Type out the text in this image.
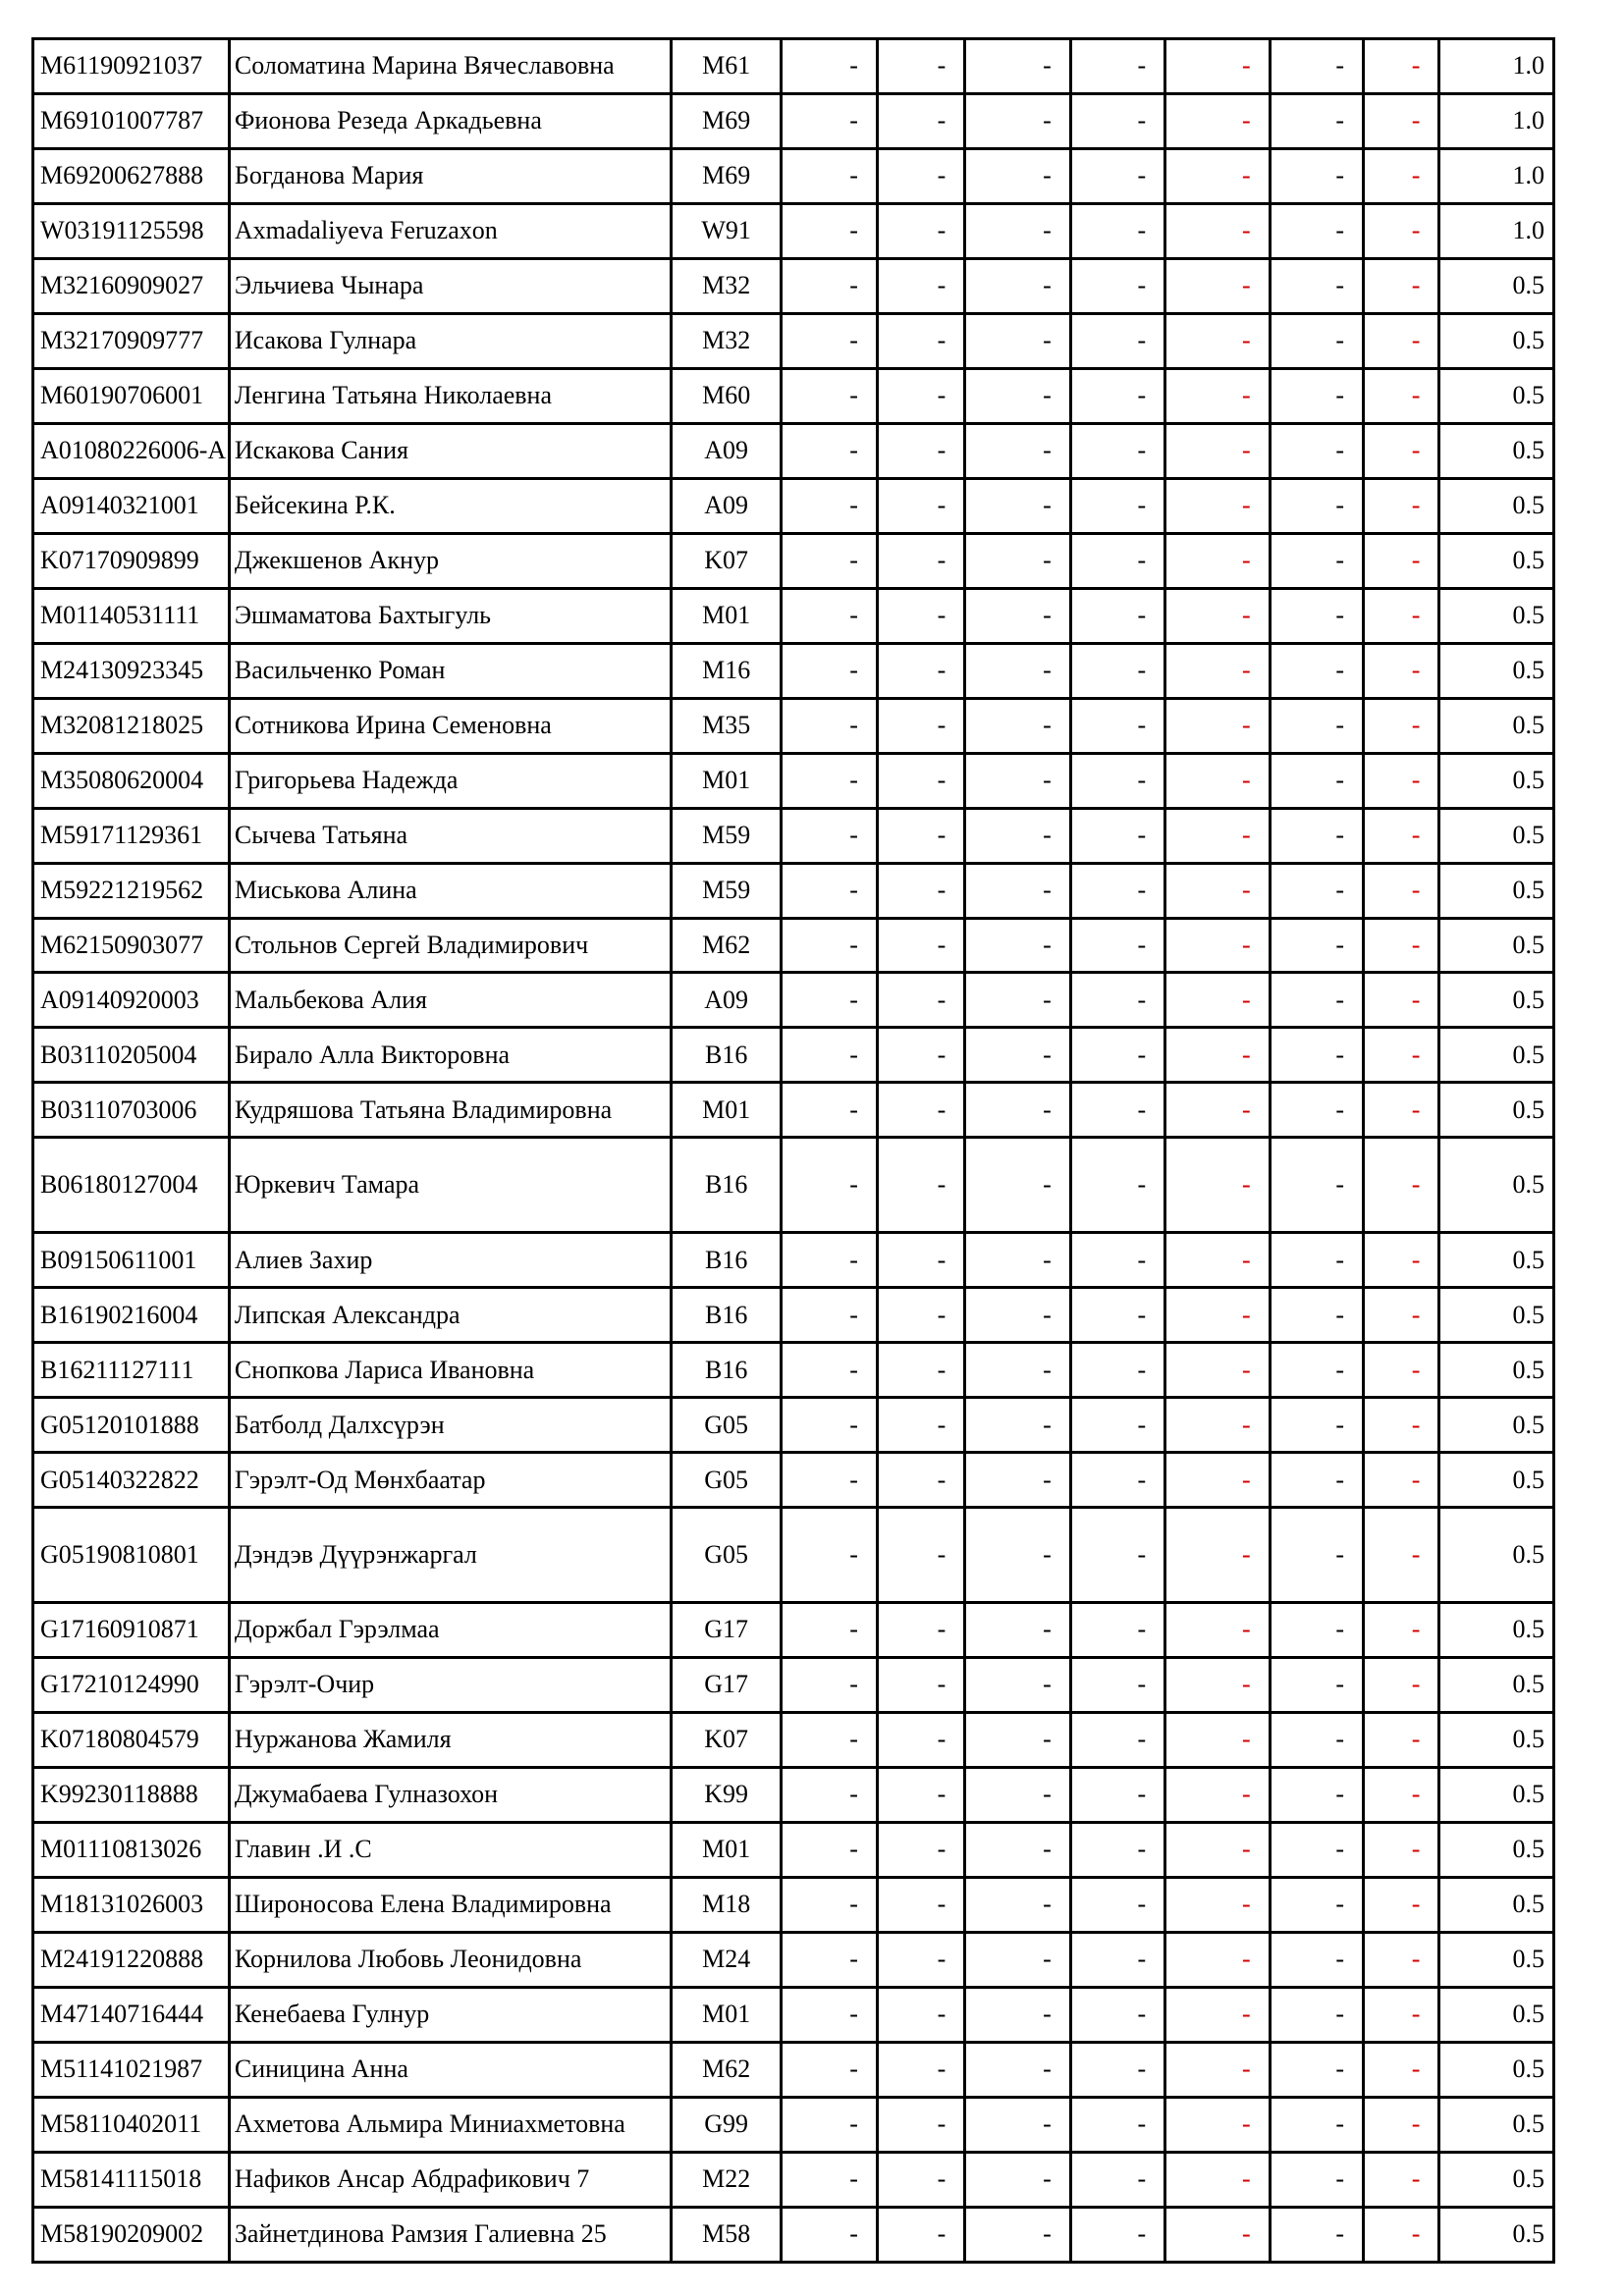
M61190921037	Соломатина Марина Вячеславовна	M61	-	-	-	-	-	-	-	1.0
M69101007787	Фионова Резеда Аркадьевна	M69	-	-	-	-	-	-	-	1.0
M69200627888	Богданова Мария	M69	-	-	-	-	-	-	-	1.0
W03191125598	Axmadaliyeva Feruzaxon	W91	-	-	-	-	-	-	-	1.0
M32160909027	Эльчиева Чынара	M32	-	-	-	-	-	-	-	0.5
M32170909777	Исакова Гулнара	M32	-	-	-	-	-	-	-	0.5
M60190706001	Ленгина Татьяна Николаевна	M60	-	-	-	-	-	-	-	0.5
A01080226006-A	Искакова Сания	A09	-	-	-	-	-	-	-	0.5
A09140321001	Бейсекина Р.К.	A09	-	-	-	-	-	-	-	0.5
K07170909899	Джекшенов Акнур	K07	-	-	-	-	-	-	-	0.5
M01140531111	Эшмаматова Бахтыгуль	M01	-	-	-	-	-	-	-	0.5
M24130923345	Васильченко Роман	M16	-	-	-	-	-	-	-	0.5
M32081218025	Сотникова Ирина Семеновна	M35	-	-	-	-	-	-	-	0.5
M35080620004	Григорьева Надежда	M01	-	-	-	-	-	-	-	0.5
M59171129361	Сычева Татьяна	M59	-	-	-	-	-	-	-	0.5
M59221219562	Миськова Алина	M59	-	-	-	-	-	-	-	0.5
M62150903077	Стольнов Сергей Владимирович	M62	-	-	-	-	-	-	-	0.5
A09140920003	Мальбекова Алия	A09	-	-	-	-	-	-	-	0.5
B03110205004	Бирало Алла Викторовна	B16	-	-	-	-	-	-	-	0.5
B03110703006	Кудряшова Татьяна Владимировна	M01	-	-	-	-	-	-	-	0.5
B06180127004	Юркевич Тамара	B16	-	-	-	-	-	-	-	0.5
B09150611001	Алиев Захир	B16	-	-	-	-	-	-	-	0.5
B16190216004	Липская Александра	B16	-	-	-	-	-	-	-	0.5
B16211127111	Снопкова Лариса Ивановна	B16	-	-	-	-	-	-	-	0.5
G05120101888	Батболд Далхсүрэн	G05	-	-	-	-	-	-	-	0.5
G05140322822	Гэрэлт-Од Мөнхбаатар	G05	-	-	-	-	-	-	-	0.5
G05190810801	Дэндэв Дүүрэнжаргал	G05	-	-	-	-	-	-	-	0.5
G17160910871	Доржбал Гэрэлмаа	G17	-	-	-	-	-	-	-	0.5
G17210124990	Гэрэлт-Очир	G17	-	-	-	-	-	-	-	0.5
K07180804579	Нуржанова Жамиля	K07	-	-	-	-	-	-	-	0.5
K99230118888	Джумабаева Гулназохон	K99	-	-	-	-	-	-	-	0.5
M01110813026	Главин .И .С	M01	-	-	-	-	-	-	-	0.5
M18131026003	Широносова Елена Владимировна	M18	-	-	-	-	-	-	-	0.5
M24191220888	Корнилова Любовь Леонидовна	M24	-	-	-	-	-	-	-	0.5
M47140716444	Кенебаева Гулнур	M01	-	-	-	-	-	-	-	0.5
M51141021987	Синицина Анна	M62	-	-	-	-	-	-	-	0.5
M58110402011	Ахметова Альмира Миниахметовна	G99	-	-	-	-	-	-	-	0.5
M58141115018	Нафиков Ансар Абдрафикович 7	M22	-	-	-	-	-	-	-	0.5
M58190209002	Зайнетдинова Рамзия Галиевна 25	M58	-	-	-	-	-	-	-	0.5
